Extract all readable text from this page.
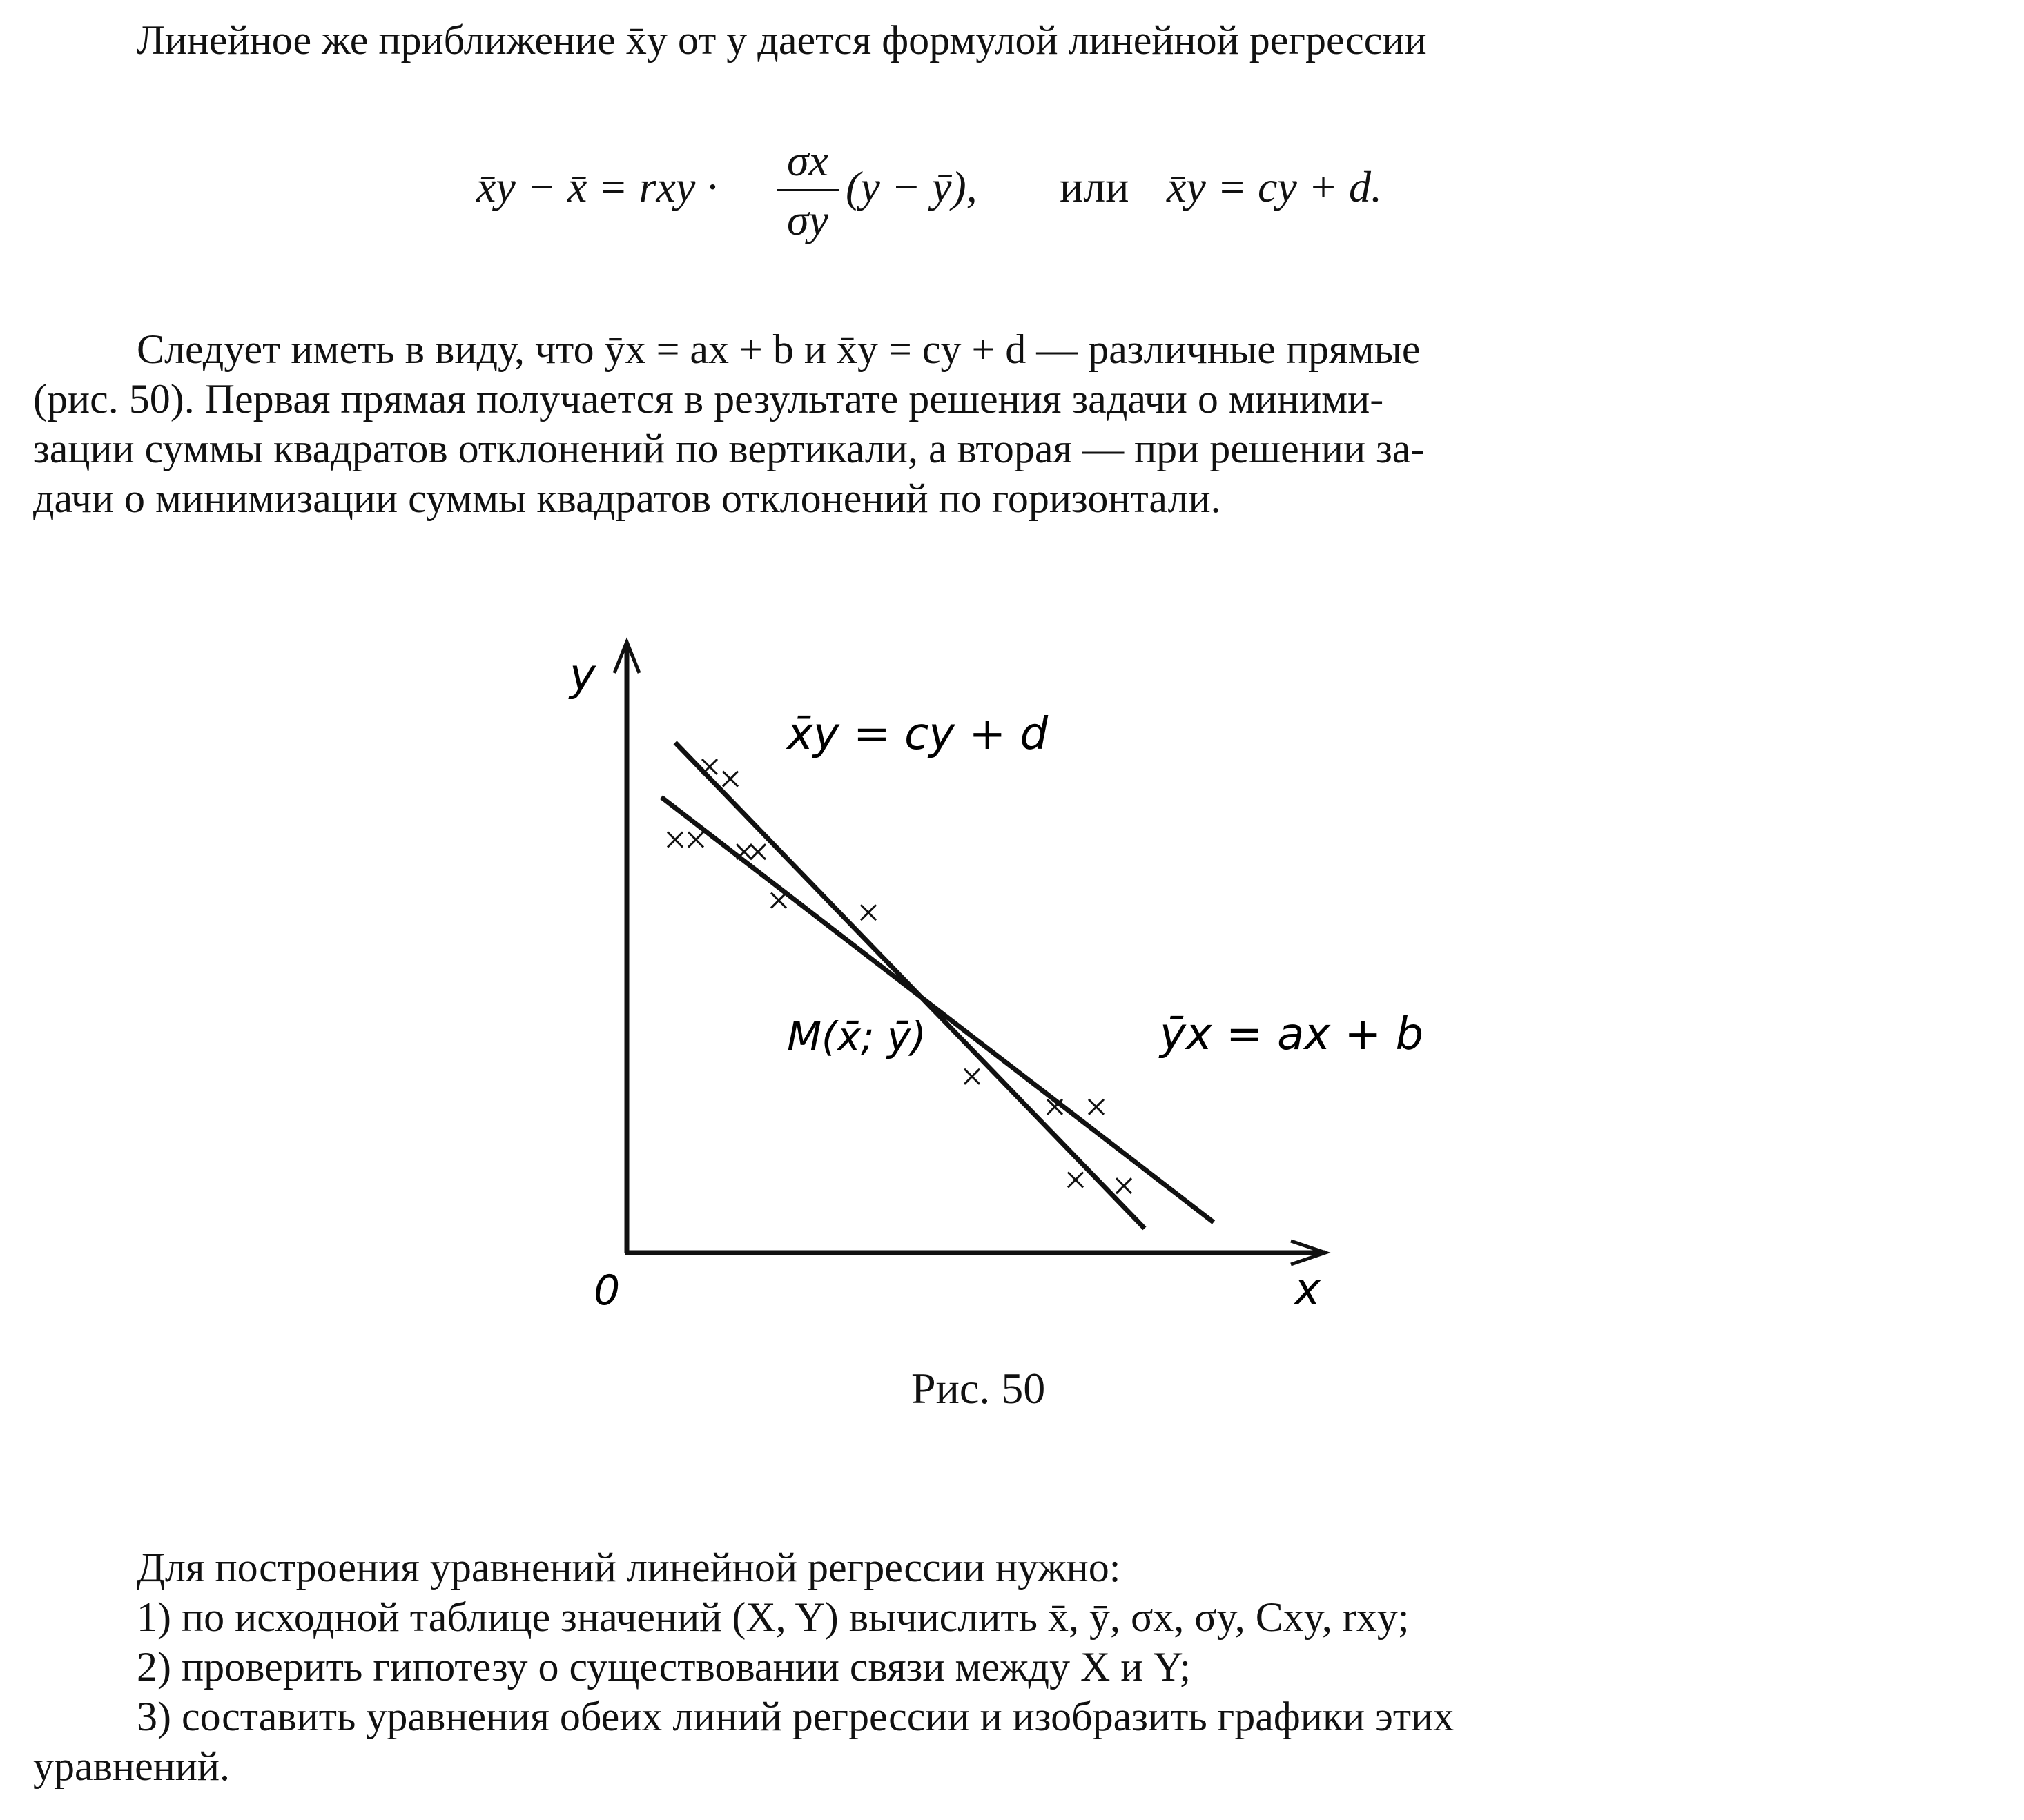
Линейное же приближение x̄y от y дается формулой линейной регрессии
x̄y − x̄ = rxy ·
σx
σy
(y − ȳ), или x̄y = cy + d.
Следует иметь в виду, что ȳx = ax + b и x̄y = cy + d — различные прямые
(рис. 50). Первая прямая получается в результате решения задачи о миними-
зации суммы квадратов отклонений по вертикали, а вторая — при решении за-
дачи о минимизации суммы квадратов отклонений по горизонтали.
y
x
0
x̄y = cy + d
ȳx = ax + b
M(x̄; ȳ)
Рис. 50
Для построения уравнений линейной регрессии нужно:
1) по исходной таблице значений (X, Y) вычислить x̄, ȳ, σx, σy, Cxy, rxy;
2) проверить гипотезу о существовании связи между X и Y;
3) составить уравнения обеих линий регрессии и изобразить графики этих
уравнений.
